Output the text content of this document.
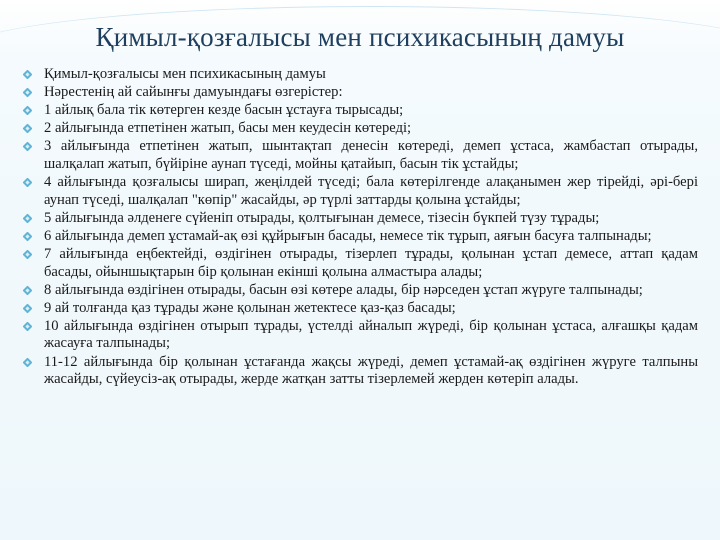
Қимыл-қозғалысы мен психикасының дамуы
Қимыл-қозғалысы мен психикасының дамуы
Нәрестенің ай сайынғы дамуындағы өзгерістер:
1 айлық бала тік көтерген кезде басын ұстауға тырысады;
2 айлығында етпетінен жатып, басы мен кеудесін көтереді;
3 айлығында етпетінен жатып, шынтақтап денесін көтереді, демеп ұстаса, жамбастап отырады, шалқалап жатып, бүйіріне аунап түседі, мойны қатайып, басын тік ұстайды;
4 айлығында қозғалысы ширап, жеңілдей түседі; бала көтерілгенде алақанымен жер тірейді, әрі-бері аунап түседі, шалқалап "көпір" жасайды, әр түрлі заттарды қолына ұстайды;
5 айлығында әлденеге сүйеніп отырады, қолтығынан демесе, тізесін бүкпей түзу тұрады;
6 айлығында демеп ұстамай-ақ өзі құйрығын басады, немесе тік тұрып, аяғын басуға талпынады;
7 айлығында еңбектейді, өздігінен отырады, тізерлеп тұрады, қолынан ұстап демесе, аттап қадам басады, ойыншықтарын бір қолынан екінші қолына алмастыра алады;
8 айлығында өздігінен отырады, басын өзі көтере алады, бір нәрседен ұстап жүруге талпынады;
9 ай толғанда қаз тұрады және қолынан жетектесе қаз-қаз басады;
10 айлығында өздігінен отырып тұрады, үстелді айналып жүреді, бір қолынан ұстаса, алғашқы қадам жасауға талпынады;
11-12 айлығында бір қолынан ұстағанда жақсы жүреді, демеп ұстамай-ақ өздігінен жүруге талпыны жасайды, сүйеусіз-ақ отырады, жерде жатқан затты тізерлемей жерден көтеріп алады.
